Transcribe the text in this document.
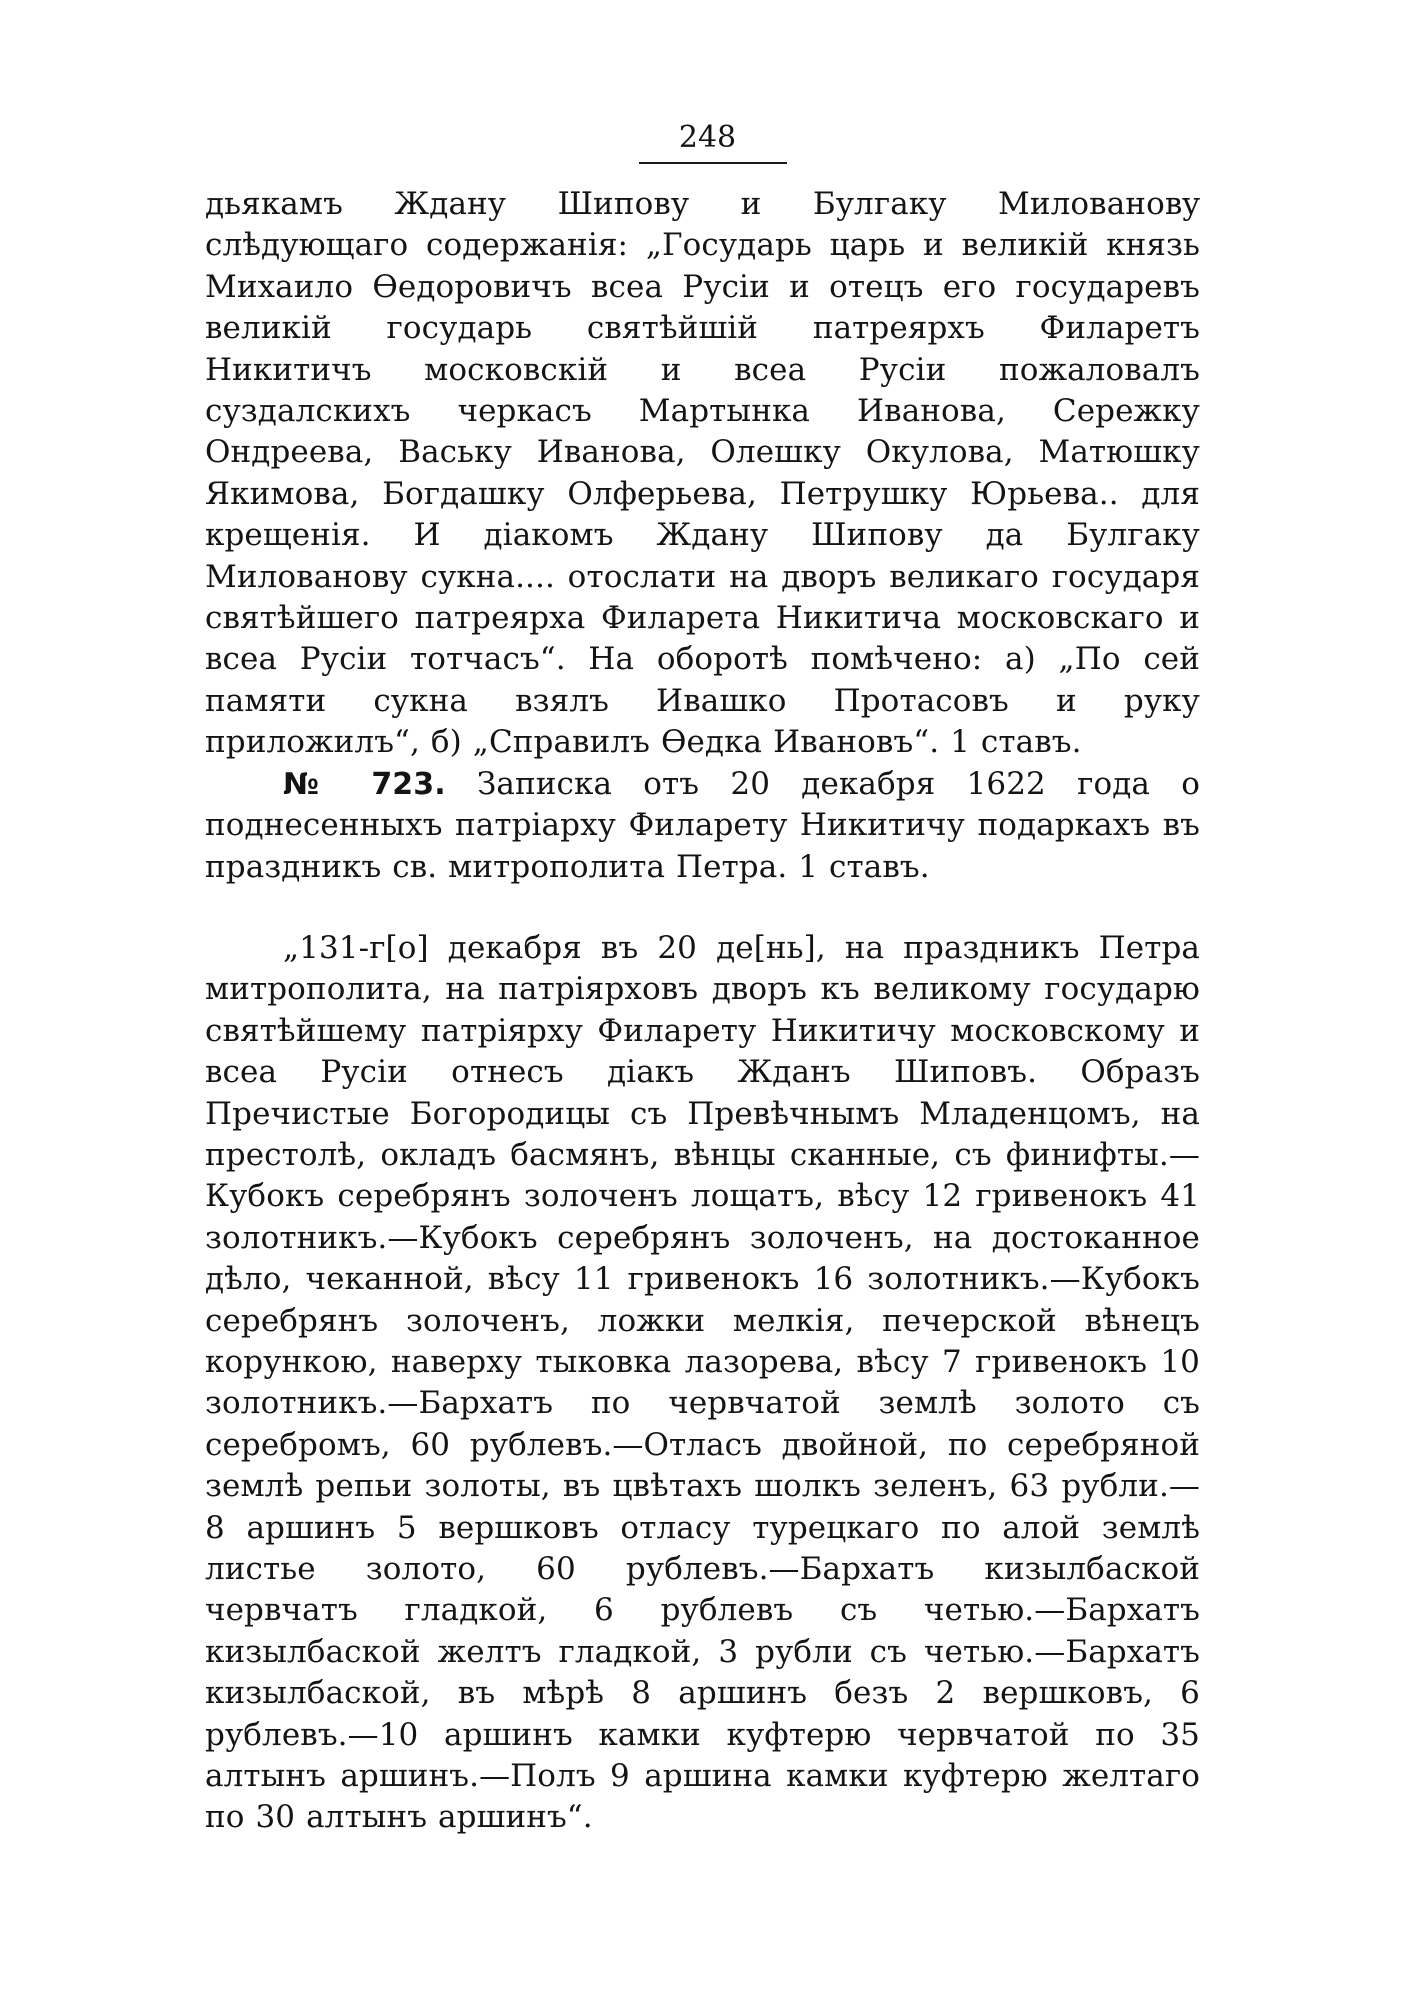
248

дьякамъ Ждану Шипову и Булгаку Миловановy слѣдующаго содержанія: „Государь царь и великій князь Михаило Ѳедоровичъ всеа Русіи и отецъ его государевъ великій государь святѣйшій патреярхъ Филаретъ Никитичъ московскій и всеа Русіи пожаловалъ суздалскихъ черкасъ Мартынка Иванова, Сережку Ондреева, Ваську Иванова, Олешку Окулова, Матюшку Якимова, Богдашку Олферьева, Петрушку Юрьева.. для крещенія. И діакомъ Ждану Шипову да Булгаку Милованову сукна.... отослати на дворъ великаго государя святѣйшего патреярха Филарета Никитича московскаго и всеа Русіи тотчасъ“. На оборотѣ помѣчено: а) „По сей памяти сукна взялъ Ивашко Протасовъ и руку приложилъ“, б) „Справилъ Ѳедка Ивановъ“. 1 ставъ.

№ 723. Записка отъ 20 декабря 1622 года о поднесенныхъ патріарху Филарету Никитичу подаркахъ въ праздникъ св. митрополита Петра. 1 ставъ.

„131-г[о] декабря въ 20 де[нь], на праздникъ Петра митрополита, на патріярховъ дворъ къ великому государю святѣйшему патріярху Филарету Никитичу московскому и всеа Русіи отнесъ діакъ Жданъ Шиповъ. Образъ Пречистые Богородицы съ Превѣчнымъ Младенцомъ, на престолѣ, окладъ басмянъ, вѣнцы сканные, съ финифты.—Кубокъ серебрянъ золоченъ лощатъ, вѣсу 12 гривенокъ 41 золотникъ.—Кубокъ серебрянъ золоченъ, на достоканное дѣло, чеканной, вѣсу 11 гривенокъ 16 золотникъ.—Кубокъ серебрянъ золоченъ, ложки мелкія, печерской вѣнецъ корункою, наверху тыковка лазорева, вѣсу 7 гривенокъ 10 золотникъ.—Бархатъ по червчатой землѣ золото съ серебромъ, 60 рублевъ.—Отласъ двойной, по серебряной землѣ репьи золоты, въ цвѣтахъ шолкъ зеленъ, 63 рубли.—8 аршинъ 5 вершковъ отласу турецкаго по алой землѣ листье золото, 60 рублевъ.—Бархатъ кизылбаской червчатъ гладкой, 6 рублевъ съ четью.—Бархатъ кизылбаской желтъ гладкой, 3 рубли съ четью.—Бархатъ кизылбаской, въ мѣрѣ 8 аршинъ безъ 2 вершковъ, 6 рублевъ.—10 аршинъ камки куфтерю червчатой по 35 алтынъ аршинъ.—Полъ 9 аршина камки куфтерю желтаго по 30 алтынъ аршинъ“.
